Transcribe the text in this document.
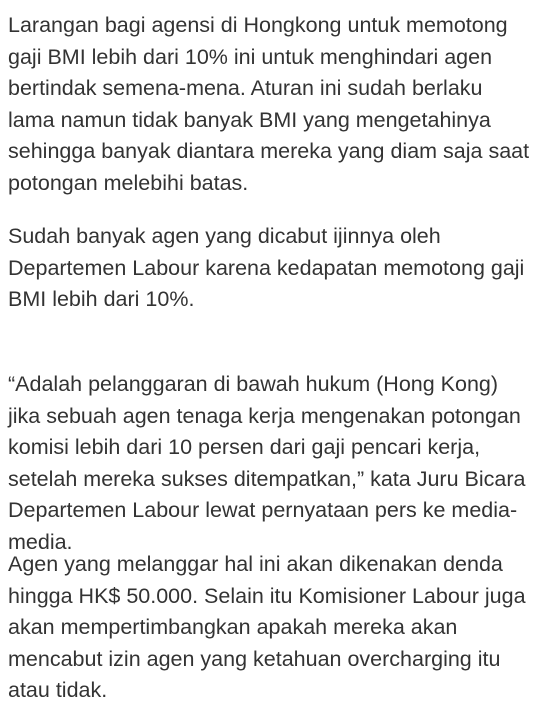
Larangan bagi agensi di Hongkong untuk memotong
gaji BMI lebih dari 10% ini untuk menghindari agen
bertindak semena-mena. Aturan ini sudah berlaku
lama namun tidak banyak BMI yang mengetahinya
sehingga banyak diantara mereka yang diam saja saat
potongan melebihi batas.

Sudah banyak agen yang dicabut ijinnya oleh
Departemen Labour karena kedapatan memotong gaji
BMI lebih dari 10%.

“Adalah pelanggaran di bawah hukum (Hong Kong)
jika sebuah agen tenaga kerja mengenakan potongan
komisi lebih dari 10 persen dari gaji pencari kerja,
setelah mereka sukses ditempatkan,” kata Juru Bicara
Departemen Labour lewat pernyataan pers ke media-
media.

Agen yang melanggar hal ini akan dikenakan denda
hingga HK$ 50.000. Selain itu Komisioner Labour juga
akan mempertimbangkan apakah mereka akan
mencabut izin agen yang ketahuan overcharging itu
atau tidak.
